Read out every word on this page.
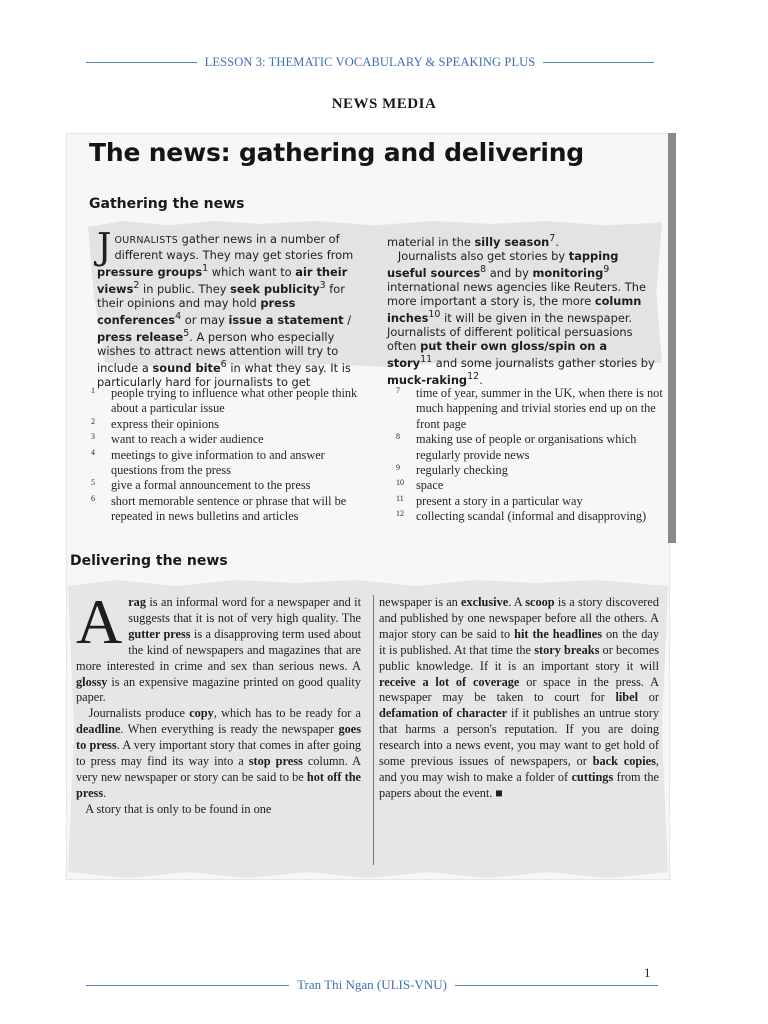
LESSON 3: THEMATIC VOCABULARY & SPEAKING PLUS
NEWS MEDIA
The news: gathering and delivering
Gathering the news
JOURNALISTS gather news in a number of different ways. They may get stories from pressure groups$^1$ which want to air their views$^2$ in public. They seek publicity$^3$ for their opinions and may hold press conferences$^4$ or may issue a statement / press release$^5$. A person who especially wishes to attract news attention will try to include a sound bite$^6$ in what they say. It is particularly hard for journalists to get
material in the silly season$^7$.
Journalists also get stories by tapping useful sources$^8$ and by monitoring$^9$ international news agencies like Reuters. The more important a story is, the more column inches$^{10}$ it will be given in the newspaper. Journalists of different political persuasions often put their own gloss/spin on a story$^{11}$ and some journalists gather stories by muck-raking$^{12}$.
1	people trying to influence what other people think about a particular issue
2	express their opinions
3	want to reach a wider audience
4	meetings to give information to and answer questions from the press
5	give a formal announcement to the press
6	short memorable sentence or phrase that will be repeated in news bulletins and articles
7	time of year, summer in the UK, when there is not much happening and trivial stories end up on the front page
8	making use of people or organisations which regularly provide news
9	regularly checking
10 space
11 present a story in a particular way
12 collecting scandal (informal and disapproving)
Delivering the news
Arag is an informal word for a newspaper and it suggests that it is not of very high quality. The gutter press is a disapproving term used about the kind of newspapers and magazines that are more interested in crime and sex than serious news. A glossy is an expensive magazine printed on good quality paper.
Journalists produce copy, which has to be ready for a deadline. When everything is ready the newspaper goes to press. A very important story that comes in after going to press may find its way into a stop press column. A very new newspaper or story can be said to be hot off the press.
A story that is only to be found in one
newspaper is an exclusive. A scoop is a story discovered and published by one newspaper before all the others. A major story can be said to hit the headlines on the day it is published. At that time the story breaks or becomes public knowledge. If it is an important story it will receive a lot of coverage or space in the press. A newspaper may be taken to court for libel or defamation of character if it publishes an untrue story that harms a person's reputation. If you are doing research into a news event, you may want to get hold of some previous issues of newspapers, or back copies, and you may wish to make a folder of cuttings from the papers about the event. ■
1
Tran Thi Ngan (ULIS-VNU)
